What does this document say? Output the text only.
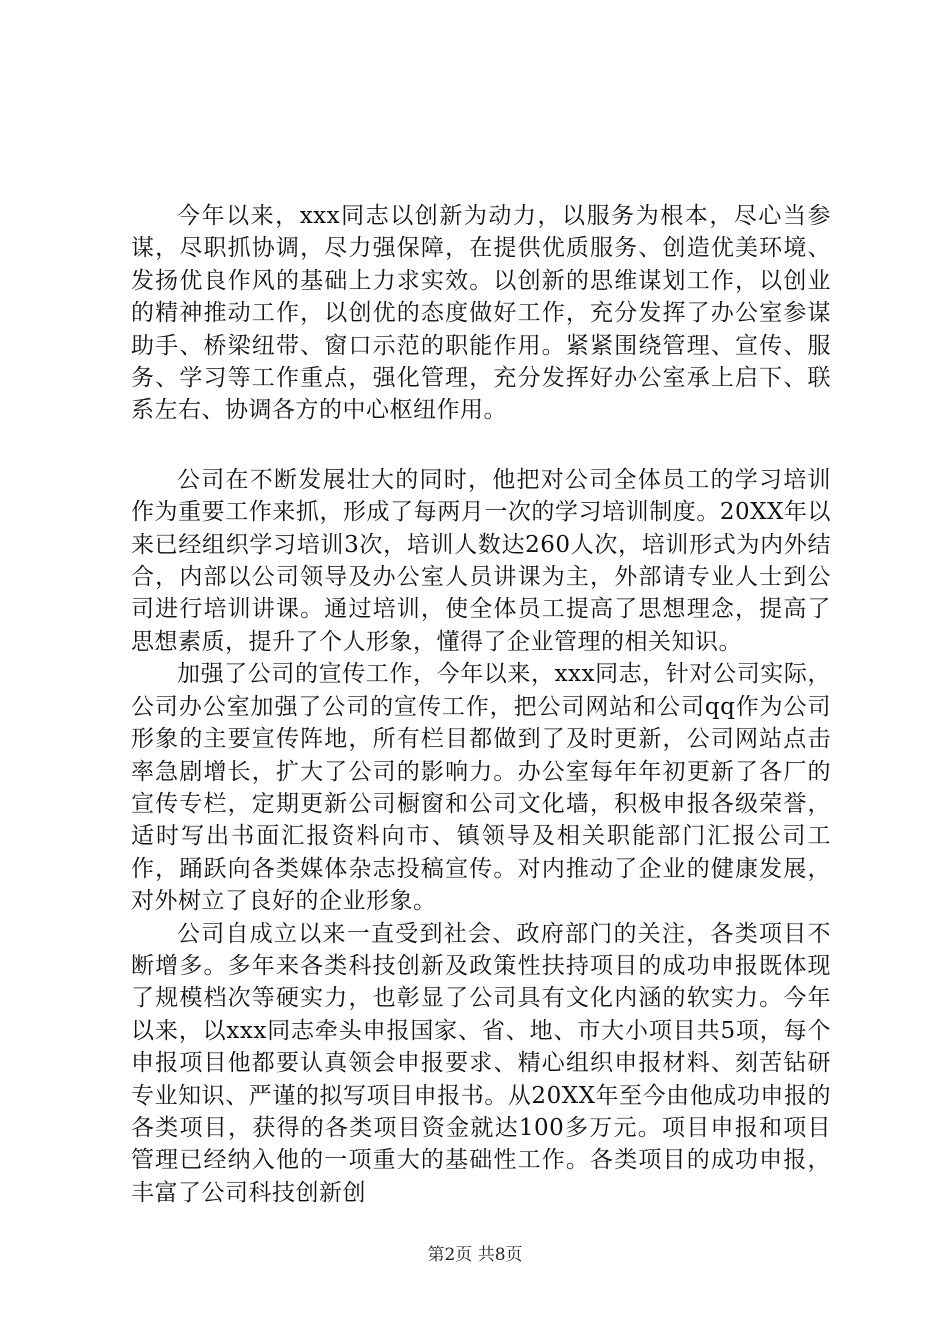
今年以来，xxx同志以创新为动力，以服务为根本，尽心当参谋，尽职抓协调，尽力强保障，在提供优质服务、创造优美环境、发扬优良作风的基础上力求实效。以创新的思维谋划工作，以创业的精神推动工作，以创优的态度做好工作，充分发挥了办公室参谋助手、桥梁纽带、窗口示范的职能作用。紧紧围绕管理、宣传、服务、学习等工作重点，强化管理，充分发挥好办公室承上启下、联系左右、协调各方的中心枢纽作用。

公司在不断发展壮大的同时，他把对公司全体员工的学习培训作为重要工作来抓，形成了每两月一次的学习培训制度。20XX年以来已经组织学习培训3次，培训人数达260人次，培训形式为内外结合，内部以公司领导及办公室人员讲课为主，外部请专业人士到公司进行培训讲课。通过培训，使全体员工提高了思想理念，提高了思想素质，提升了个人形象，懂得了企业管理的相关知识。

加强了公司的宣传工作，今年以来，xxx同志，针对公司实际，公司办公室加强了公司的宣传工作，把公司网站和公司qq作为公司形象的主要宣传阵地，所有栏目都做到了及时更新，公司网站点击率急剧增长，扩大了公司的影响力。办公室每年年初更新了各厂的宣传专栏，定期更新公司橱窗和公司文化墙，积极申报各级荣誉，适时写出书面汇报资料向市、镇领导及相关职能部门汇报公司工作，踊跃向各类媒体杂志投稿宣传。对内推动了企业的健康发展，对外树立了良好的企业形象。

公司自成立以来一直受到社会、政府部门的关注，各类项目不断增多。多年来各类科技创新及政策性扶持项目的成功申报既体现了规模档次等硬实力，也彰显了公司具有文化内涵的软实力。今年以来，以xxx同志牵头申报国家、省、地、市大小项目共5项，每个申报项目他都要认真领会申报要求、精心组织申报材料、刻苦钻研专业知识、严谨的拟写项目申报书。从20XX年至今由他成功申报的各类项目，获得的各类项目资金就达100多万元。项目申报和项目管理已经纳入他的一项重大的基础性工作。各类项目的成功申报，丰富了公司科技创新创

第2页 共8页
